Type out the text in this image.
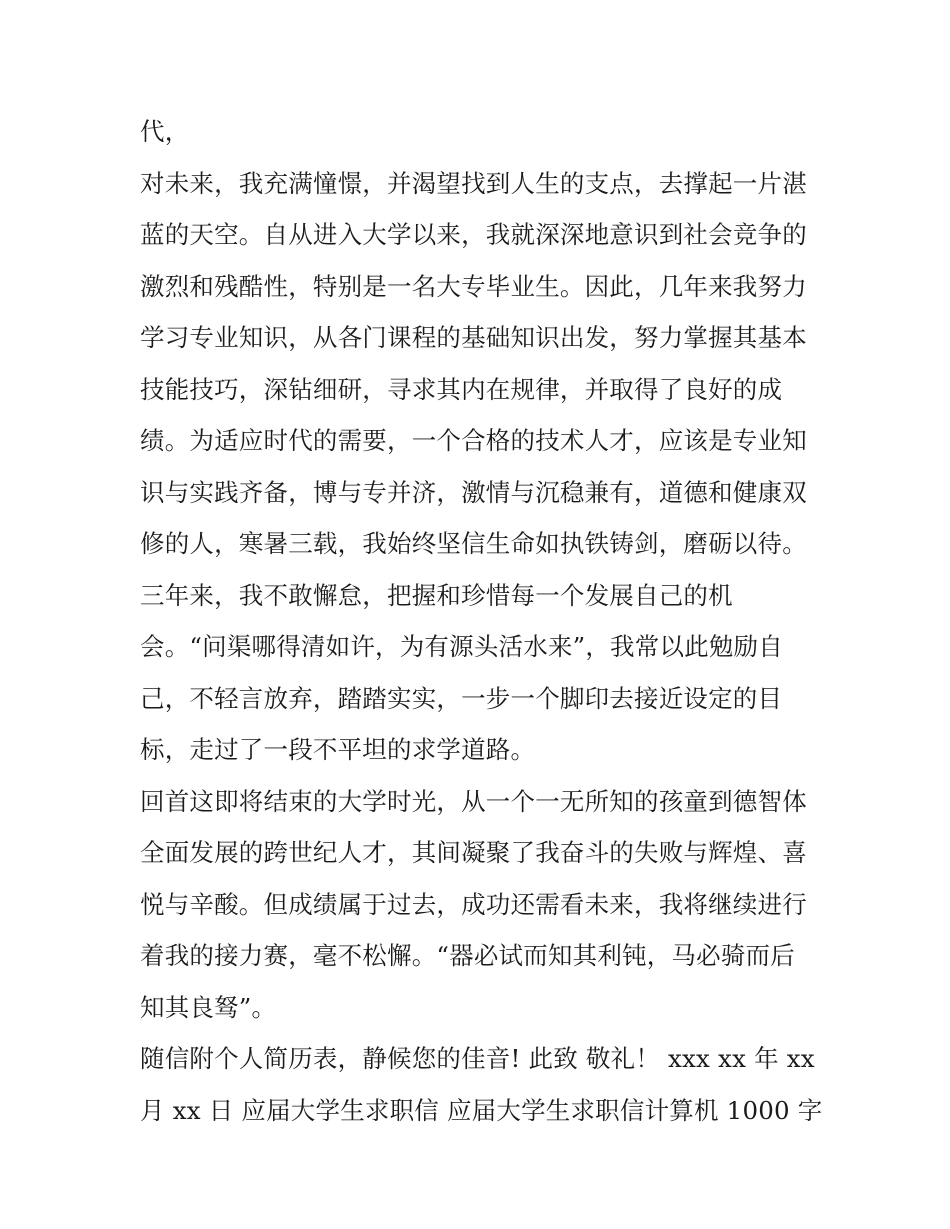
代，
对未来，我充满憧憬，并渴望找到人生的支点，去撑起一片湛
蓝的天空。自从进入大学以来，我就深深地意识到社会竞争的
激烈和残酷性，特别是一名大专毕业生。因此，几年来我努力
学习专业知识，从各门课程的基础知识出发，努力掌握其基本
技能技巧，深钻细研，寻求其内在规律，并取得了良好的成
绩。为适应时代的需要，一个合格的技术人才，应该是专业知
识与实践齐备，博与专并济，激情与沉稳兼有，道德和健康双
修的人，寒暑三载，我始终坚信生命如执铁铸剑，磨砺以待。
三年来，我不敢懈怠，把握和珍惜每一个发展自己的机
会。“问渠哪得清如许，为有源头活水来”，我常以此勉励自
己，不轻言放弃，踏踏实实，一步一个脚印去接近设定的目
标，走过了一段不平坦的求学道路。
回首这即将结束的大学时光，从一个一无所知的孩童到德智体
全面发展的跨世纪人才，其间凝聚了我奋斗的失败与辉煌、喜
悦与辛酸。但成绩属于过去，成功还需看未来，我将继续进行
着我的接力赛，毫不松懈。“器必试而知其利钝，马必骑而后
知其良驽”。
随信附个人简历表，静候您的佳音! 此致 敬礼！ xxx xx 年 xx
月 xx 日 应届大学生求职信 应届大学生求职信计算机 1000 字
